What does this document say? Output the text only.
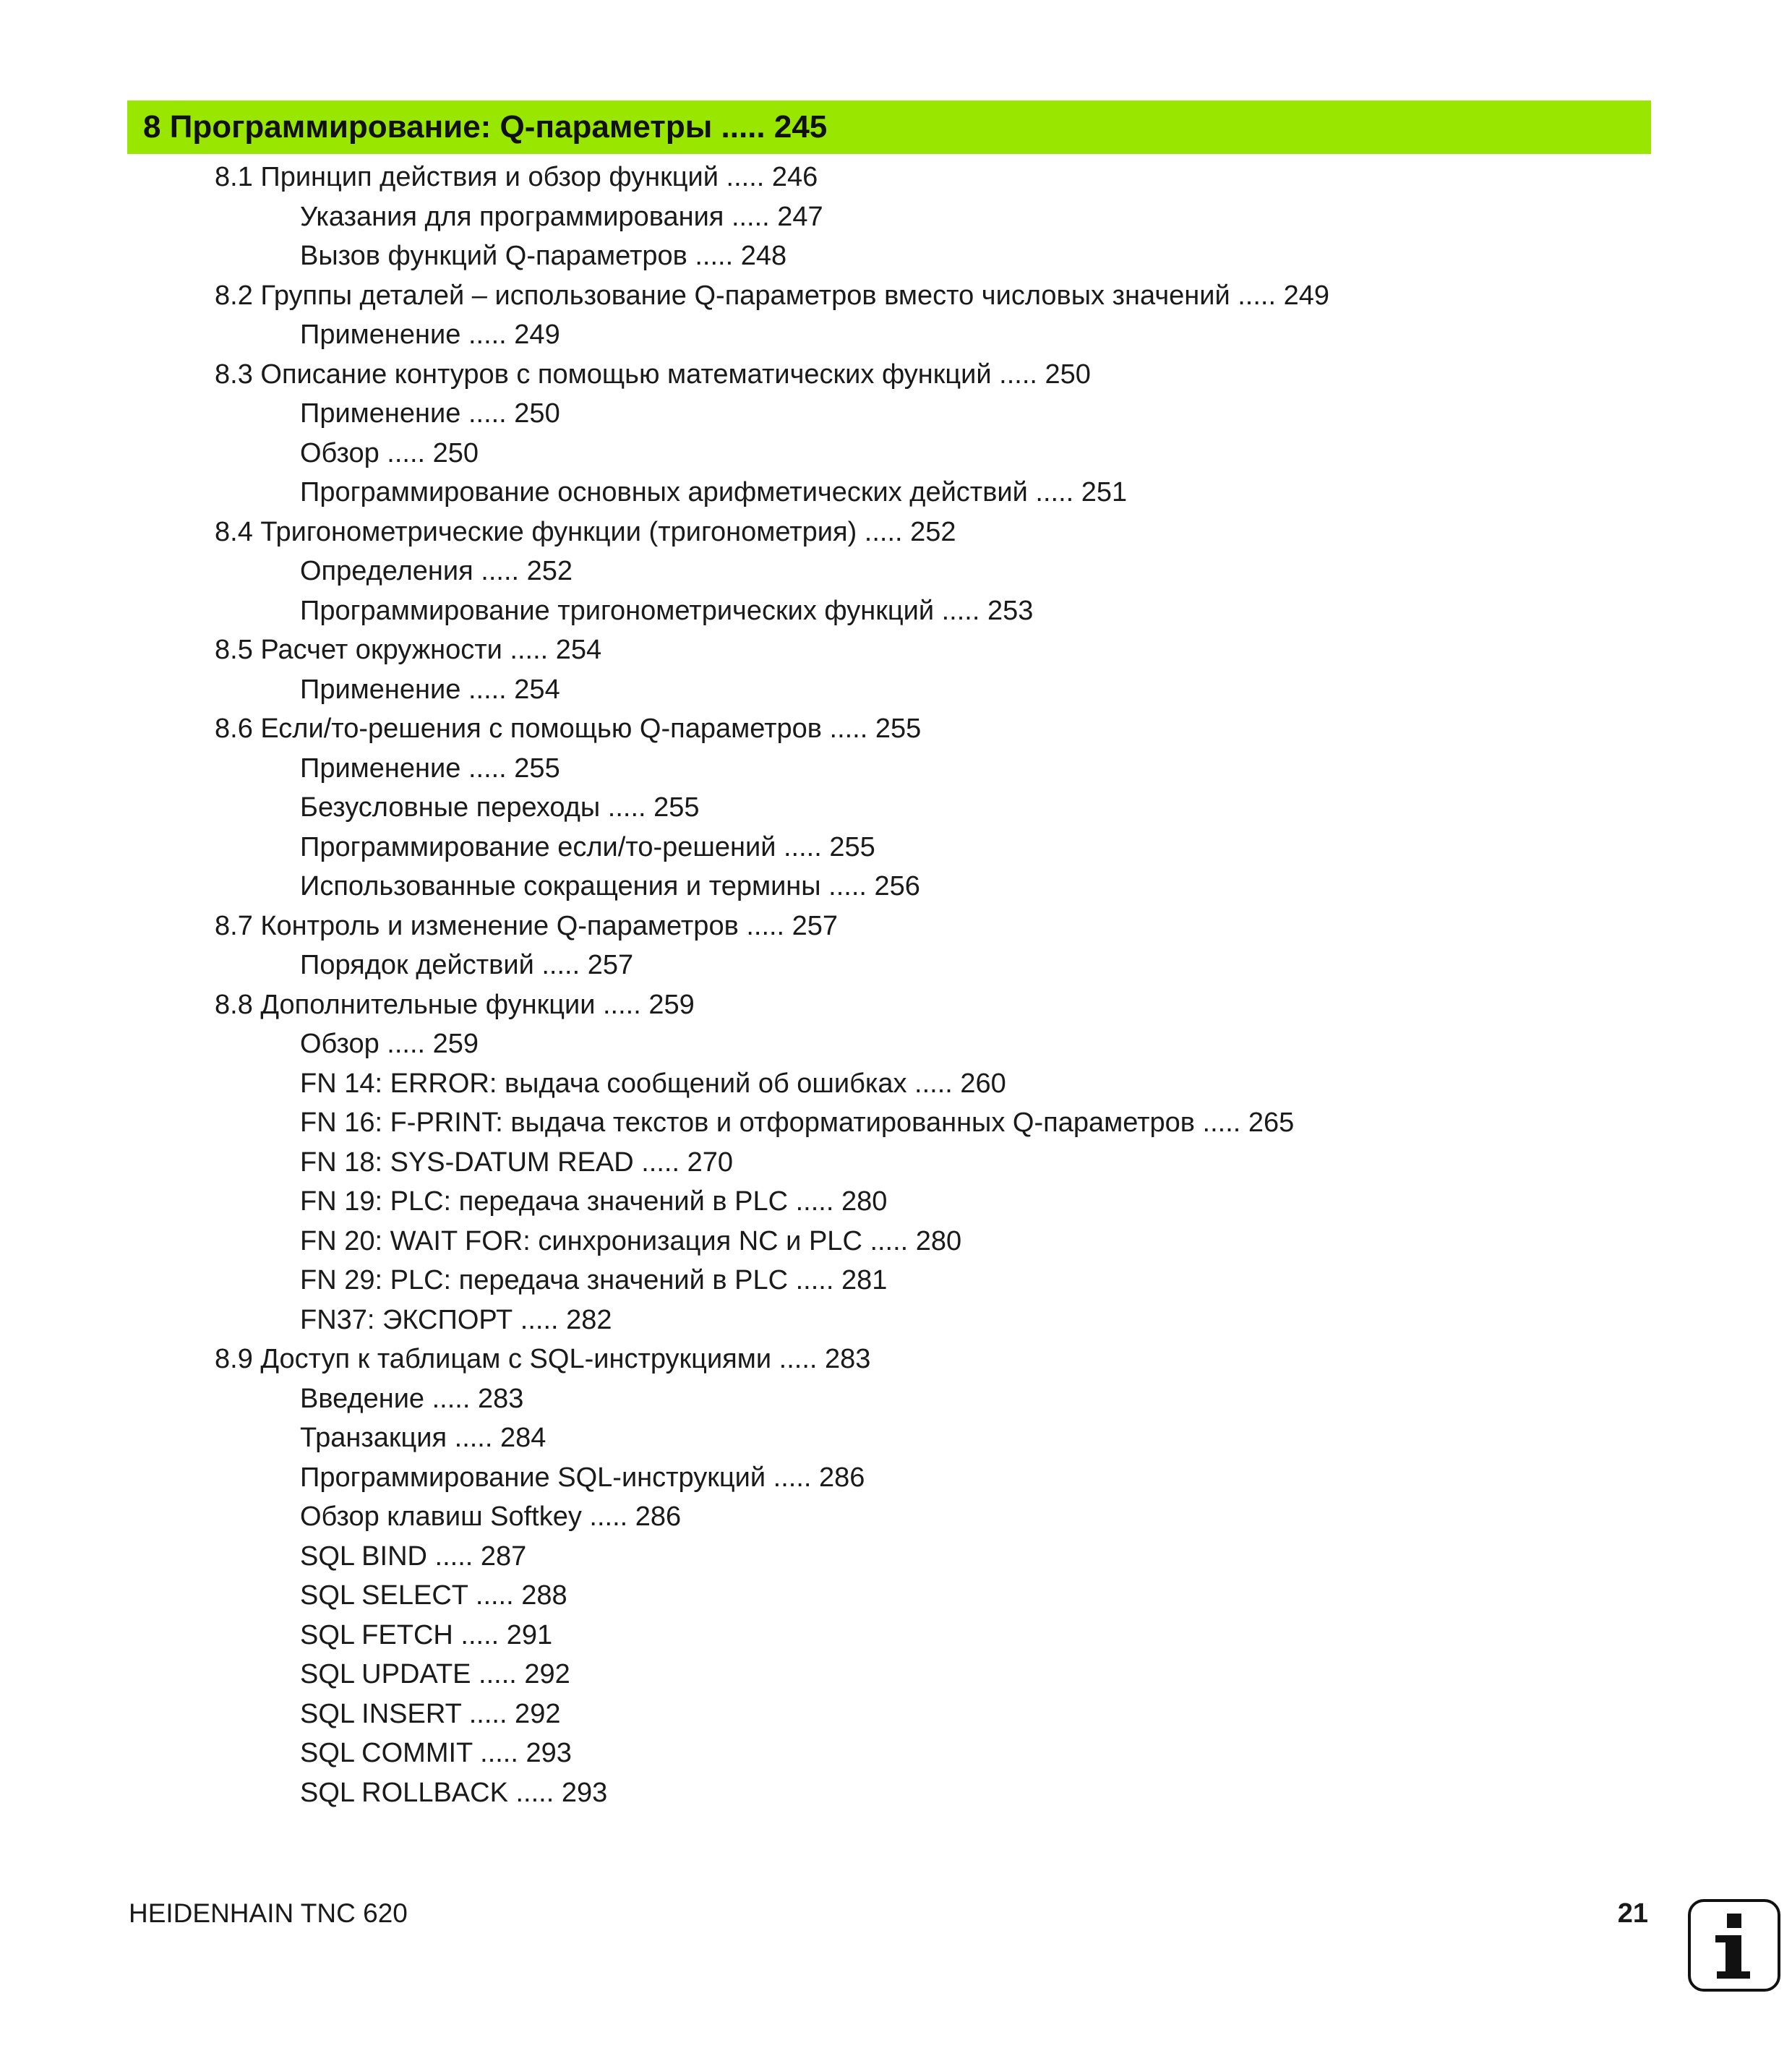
8 Программирование: Q-параметры ..... 245
8.1 Принцип действия и обзор функций ..... 246
Указания для программирования ..... 247
Вызов функций Q-параметров ..... 248
8.2 Группы деталей – использование Q-параметров вместо числовых значений ..... 249
Применение ..... 249
8.3 Описание контуров с помощью математических функций ..... 250
Применение ..... 250
Обзор ..... 250
Программирование основных арифметических действий ..... 251
8.4 Тригонометрические функции (тригонометрия) ..... 252
Определения ..... 252
Программирование тригонометрических функций ..... 253
8.5 Расчет окружности ..... 254
Применение ..... 254
8.6 Если/то-решения с помощью Q-параметров ..... 255
Применение ..... 255
Безусловные переходы ..... 255
Программирование если/то-решений ..... 255
Использованные сокращения и термины ..... 256
8.7 Контроль и изменение Q-параметров ..... 257
Порядок действий ..... 257
8.8 Дополнительные функции ..... 259
Обзор ..... 259
FN 14: ERROR: выдача сообщений об ошибках ..... 260
FN 16: F-PRINT: выдача текстов и отформатированных Q-параметров ..... 265
FN 18: SYS-DATUM READ ..... 270
FN 19: PLC: передача значений в PLC ..... 280
FN 20: WAIT FOR: синхронизация NC и PLC ..... 280
FN 29: PLC: передача значений в PLC ..... 281
FN37: ЭКСПОРТ ..... 282
8.9 Доступ к таблицам с SQL-инструкциями ..... 283
Введение ..... 283
Транзакция ..... 284
Программирование SQL-инструкций ..... 286
Обзор клавиш Softkey ..... 286
SQL BIND ..... 287
SQL SELECT ..... 288
SQL FETCH ..... 291
SQL UPDATE ..... 292
SQL INSERT ..... 292
SQL COMMIT ..... 293
SQL ROLLBACK ..... 293
HEIDENHAIN TNC 620	21
